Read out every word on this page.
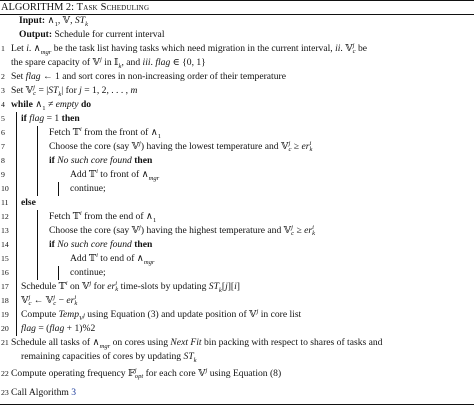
ALGORITHM 2: Task Scheduling
Input: $\wedge_1$, 𝕍, $ST_k$
Output: Schedule for current interval
1 Let i. $\wedge_{mgr}$ be the task list having tasks which need migration in the current interval, ii. 𝕍j
c be
the spare capacity of 𝕍$^j$ in 𝕀$_k$, and iii. flag ∈ {0, 1}
2 Set flag ← 1 and sort cores in non-increasing order of their temperature
3 Set 𝕍j
$c = |ST_k|$ for j = 1, 2, . . . , m
4 while $\wedge_1$ ≠ empty do
5	if flag = 1 then
6	Fetch 𝕋$^i$ from the front of $\wedge_1$
7	Choose the core (say 𝕍$^j$) having the lowest temperature and 𝕍j
c ≥ eri
k
8	if No such core found then
9	Add 𝕋$^i$ to front of $\wedge_{mgr}$
10	continue;
11 else
12	Fetch 𝕋$^i$ from the end of $\wedge_1$
13	Choose the core (say 𝕍$^j$) having the highest temperature and 𝕍j
c ≥ eri
k
14	if No such core found then
15	Add 𝕋$^i$ to end of $\wedge_{mgr}$
16	continue;
17 Schedule 𝕋$^i$ on 𝕍$^j$ for eri
k time-slots by updating $ST_k[j][i]$
18 𝕍j
c ← 𝕍j
c − eri
k
19 Compute Temp$_{V^j}$ using Equation (3) and update position of 𝕍$^j$ in core list
20 flag = (flag + 1)%2
21 Schedule all tasks of $\wedge_{mgr}$ on cores using Next Fit bin packing with respect to shares of tasks and
remaining capacities of cores by updating $ST_k$
22 Compute operating frequency 𝔽j
opt for each core 𝕍$^j$ using Equation (8)
23 Call Algorithm 3
